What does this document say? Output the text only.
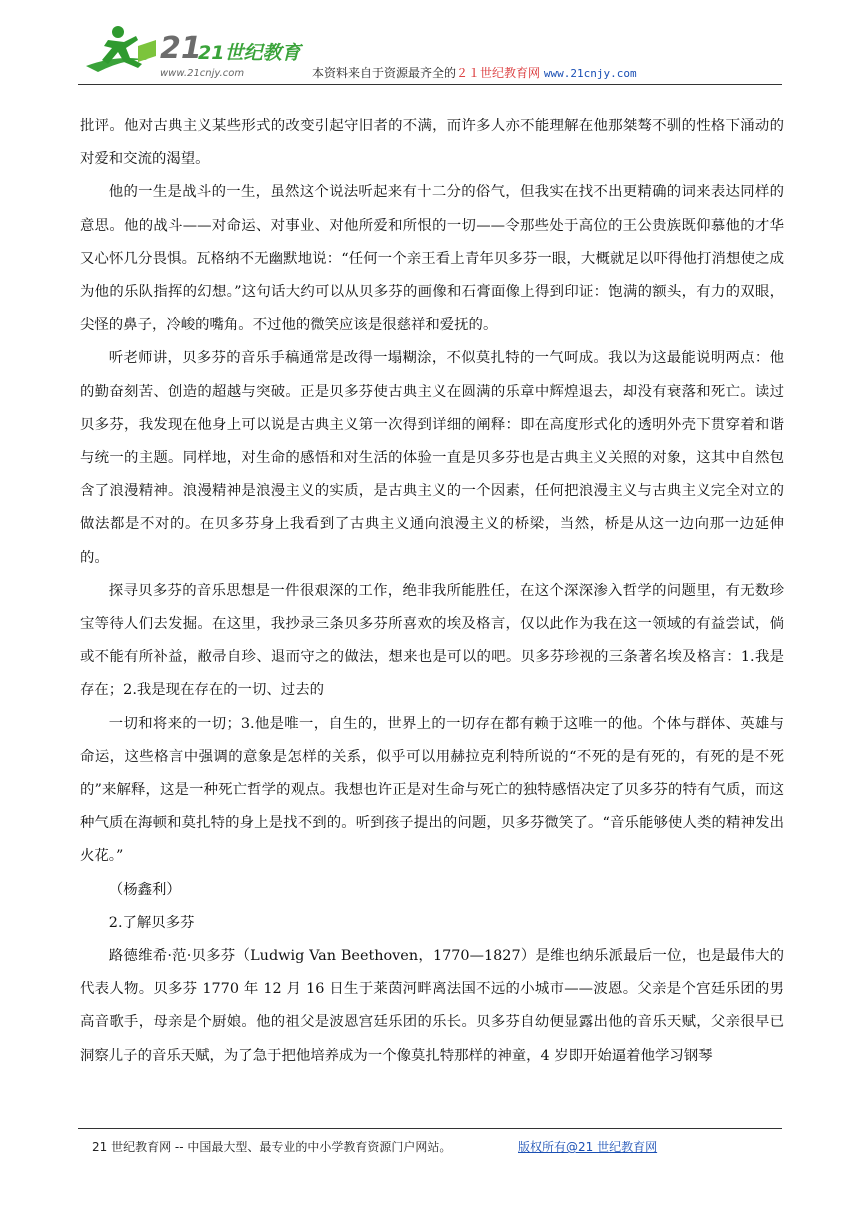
21
www.21cnjy.com
21世纪教育
本资料来自于资源最齐全的２１世纪教育网 www.21cnjy.com

批评。他对古典主义某些形式的改变引起守旧者的不满，而许多人亦不能理解在他那桀骜不驯的性格下涌动的对爱和交流的渴望。

他的一生是战斗的一生，虽然这个说法听起来有十二分的俗气，但我实在找不出更精确的词来表达同样的意思。他的战斗——对命运、对事业、对他所爱和所恨的一切——令那些处于高位的王公贵族既仰慕他的才华又心怀几分畏惧。瓦格纳不无幽默地说：“任何一个亲王看上青年贝多芬一眼，大概就足以吓得他打消想使之成为他的乐队指挥的幻想。”这句话大约可以从贝多芬的画像和石膏面像上得到印证：饱满的额头，有力的双眼，尖怪的鼻子，冷峻的嘴角。不过他的微笑应该是很慈祥和爱抚的。

听老师讲，贝多芬的音乐手稿通常是改得一塌糊涂，不似莫扎特的一气呵成。我以为这最能说明两点：他的勤奋刻苦、创造的超越与突破。正是贝多芬使古典主义在圆满的乐章中辉煌退去，却没有衰落和死亡。读过贝多芬，我发现在他身上可以说是古典主义第一次得到详细的阐释：即在高度形式化的透明外壳下贯穿着和谐与统一的主题。同样地，对生命的感悟和对生活的体验一直是贝多芬也是古典主义关照的对象，这其中自然包含了浪漫精神。浪漫精神是浪漫主义的实质，是古典主义的一个因素，任何把浪漫主义与古典主义完全对立的做法都是不对的。在贝多芬身上我看到了古典主义通向浪漫主义的桥梁，当然，桥是从这一边向那一边延伸的。

探寻贝多芬的音乐思想是一件很艰深的工作，绝非我所能胜任，在这个深深渗入哲学的问题里，有无数珍宝等待人们去发掘。在这里，我抄录三条贝多芬所喜欢的埃及格言，仅以此作为我在这一领域的有益尝试，倘或不能有所补益，敝帚自珍、退而守之的做法，想来也是可以的吧。贝多芬珍视的三条著名埃及格言：1.我是存在；2.我是现在存在的一切、过去的

一切和将来的一切；3.他是唯一，自生的，世界上的一切存在都有赖于这唯一的他。个体与群体、英雄与命运，这些格言中强调的意象是怎样的关系，似乎可以用赫拉克利特所说的“不死的是有死的，有死的是不死的”来解释，这是一种死亡哲学的观点。我想也许正是对生命与死亡的独特感悟决定了贝多芬的特有气质，而这种气质在海顿和莫扎特的身上是找不到的。听到孩子提出的问题，贝多芬微笑了。“音乐能够使人类的精神发出火花。”

（杨鑫利）

2.了解贝多芬

路德维希·范·贝多芬（Ludwig Van Beethoven，1770—1827）是维也纳乐派最后一位，也是最伟大的代表人物。贝多芬 1770 年 12 月 16 日生于莱茵河畔离法国不远的小城市——波恩。父亲是个宫廷乐团的男高音歌手，母亲是个厨娘。他的祖父是波恩宫廷乐团的乐长。贝多芬自幼便显露出他的音乐天赋，父亲很早已洞察儿子的音乐天赋，为了急于把他培养成为一个像莫扎特那样的神童，4 岁即开始逼着他学习钢琴

21 世纪教育网 -- 中国最大型、最专业的中小学教育资源门户网站。	版权所有@21 世纪教育网
